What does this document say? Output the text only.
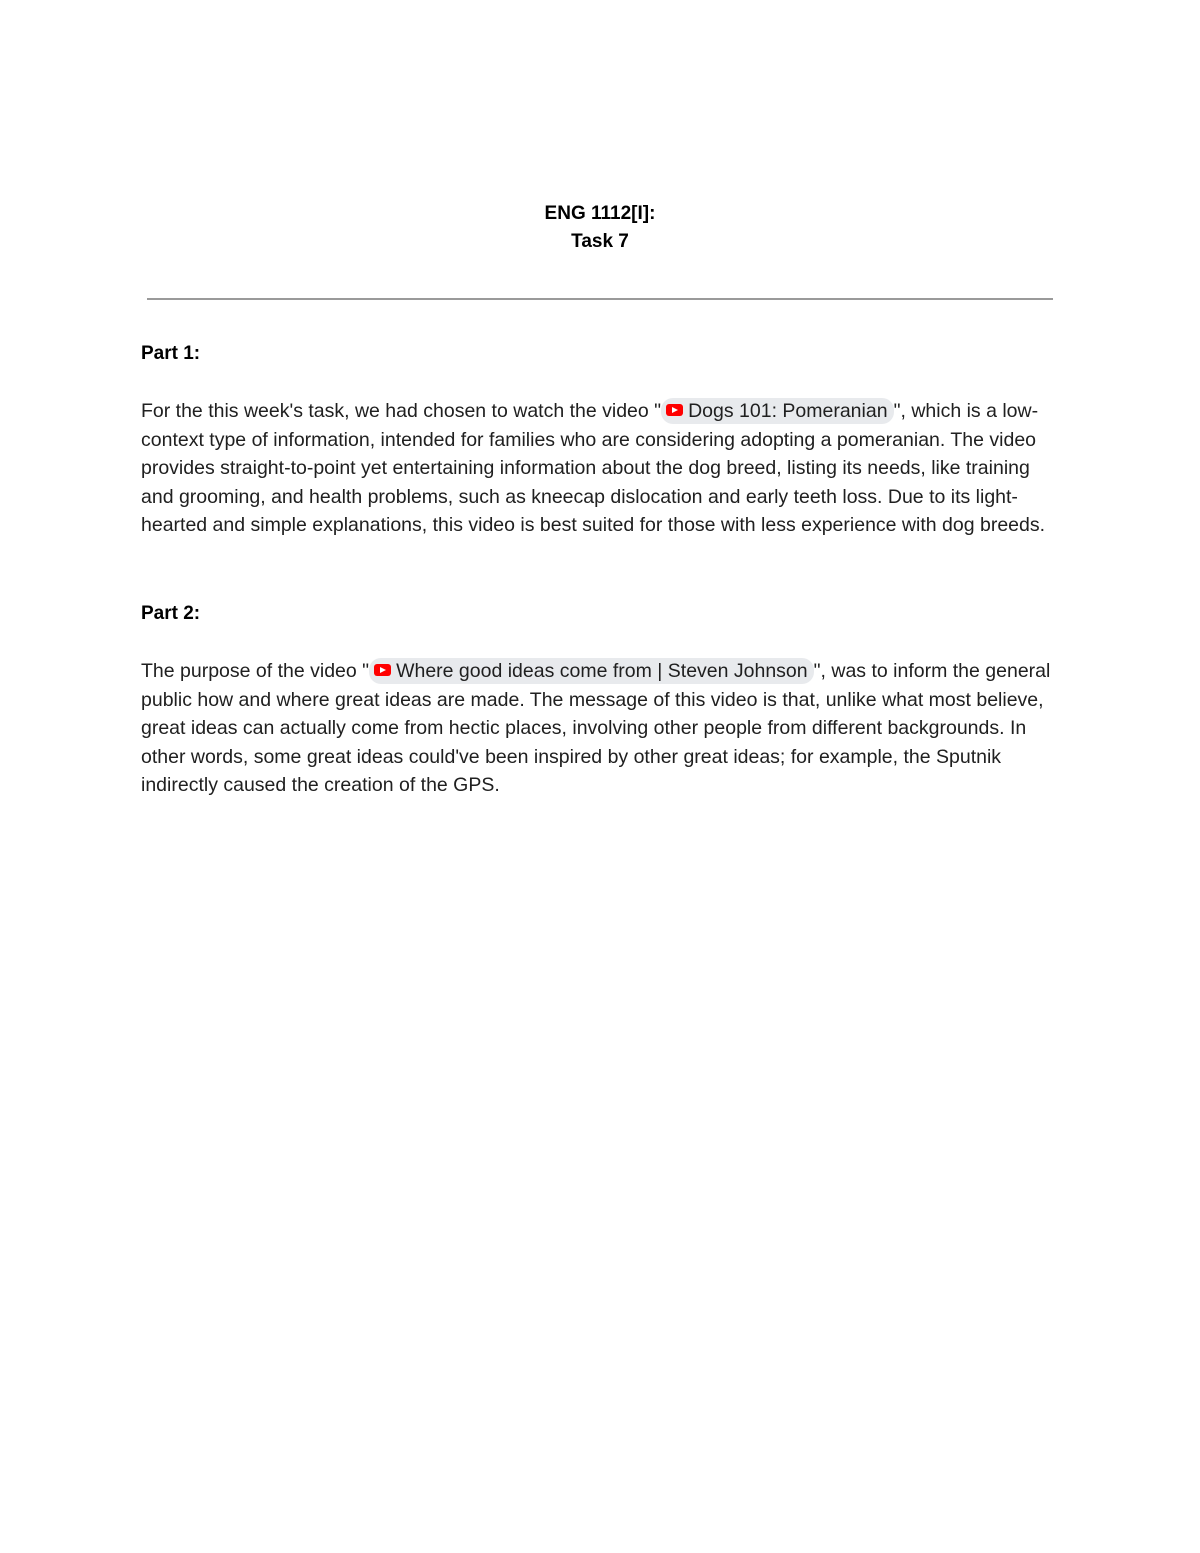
ENG 1112[I]:
Task 7
Part 1:
For the this week's task, we had chosen to watch the video " Dogs 101: Pomeranian ", which is a low-context type of information, intended for families who are considering adopting a pomeranian. The video provides straight-to-point yet entertaining information about the dog breed, listing its needs, like training and grooming, and health problems, such as kneecap dislocation and early teeth loss. Due to its light-hearted and simple explanations, this video is best suited for those with less experience with dog breeds.
Part 2:
The purpose of the video " Where good ideas come from | Steven Johnson ", was to inform the general public how and where great ideas are made. The message of this video is that, unlike what most believe, great ideas can actually come from hectic places, involving other people from different backgrounds. In other words, some great ideas could've been inspired by other great ideas; for example, the Sputnik indirectly caused the creation of the GPS.
